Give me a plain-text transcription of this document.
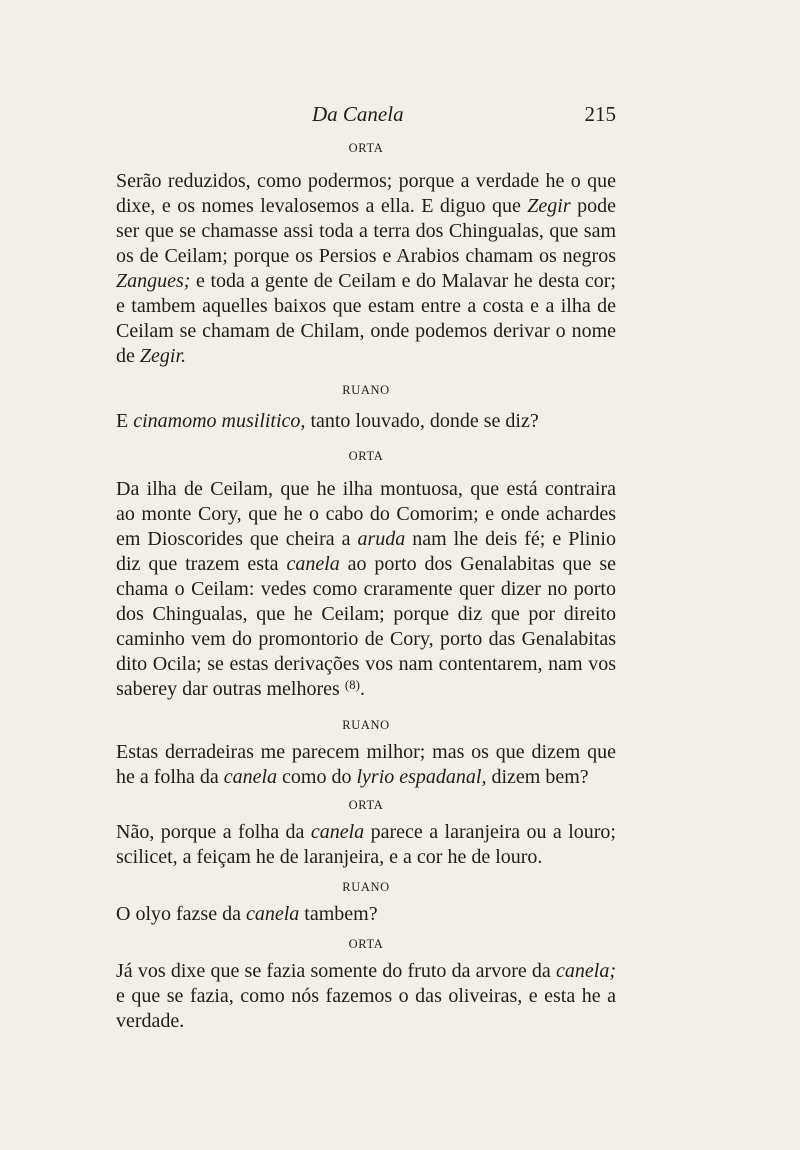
Da Canela	215
ORTA

Serão reduzidos, como podermos; porque a verdade he o que dixe, e os nomes levalosemos a ella. E diguo que Zegir pode ser que se chamasse assi toda a terra dos Chingualas, que sam os de Ceilam; porque os Persios e Arabios chamam os negros Zangues; e toda a gente de Ceilam e do Malavar he desta cor; e tambem aquelles baixos que estam entre a costa e a ilha de Ceilam se chamam de Chilam, onde podemos derivar o nome de Zegir.

RUANO

E cinamomo musilitico, tanto louvado, donde se diz?

ORTA

Da ilha de Ceilam, que he ilha montuosa, que está contraira ao monte Cory, que he o cabo do Comorim; e onde achardes em Dioscorides que cheira a aruda nam lhe deis fé; e Plinio diz que trazem esta canela ao porto dos Genalabitas que se chama o Ceilam: vedes como craramente quer dizer no porto dos Chingualas, que he Ceilam; porque diz que por direito caminho vem do promontorio de Cory, porto das Genalabitas dito Ocila; se estas derivações vos nam contentarem, nam vos saberey dar outras melhores $^{(8)}$.

RUANO

Estas derradeiras me parecem milhor; mas os que dizem que he a folha da canela como do lyrio espadanal, dizem bem?

ORTA

Não, porque a folha da canela parece a laranjeira ou a louro; scilicet, a feiçam he de laranjeira, e a cor he de louro.

RUANO

O olyo fazse da canela tambem?

ORTA

Já vos dixe que se fazia somente do fruto da arvore da canela; e que se fazia, como nós fazemos o das oliveiras, e esta he a verdade.
